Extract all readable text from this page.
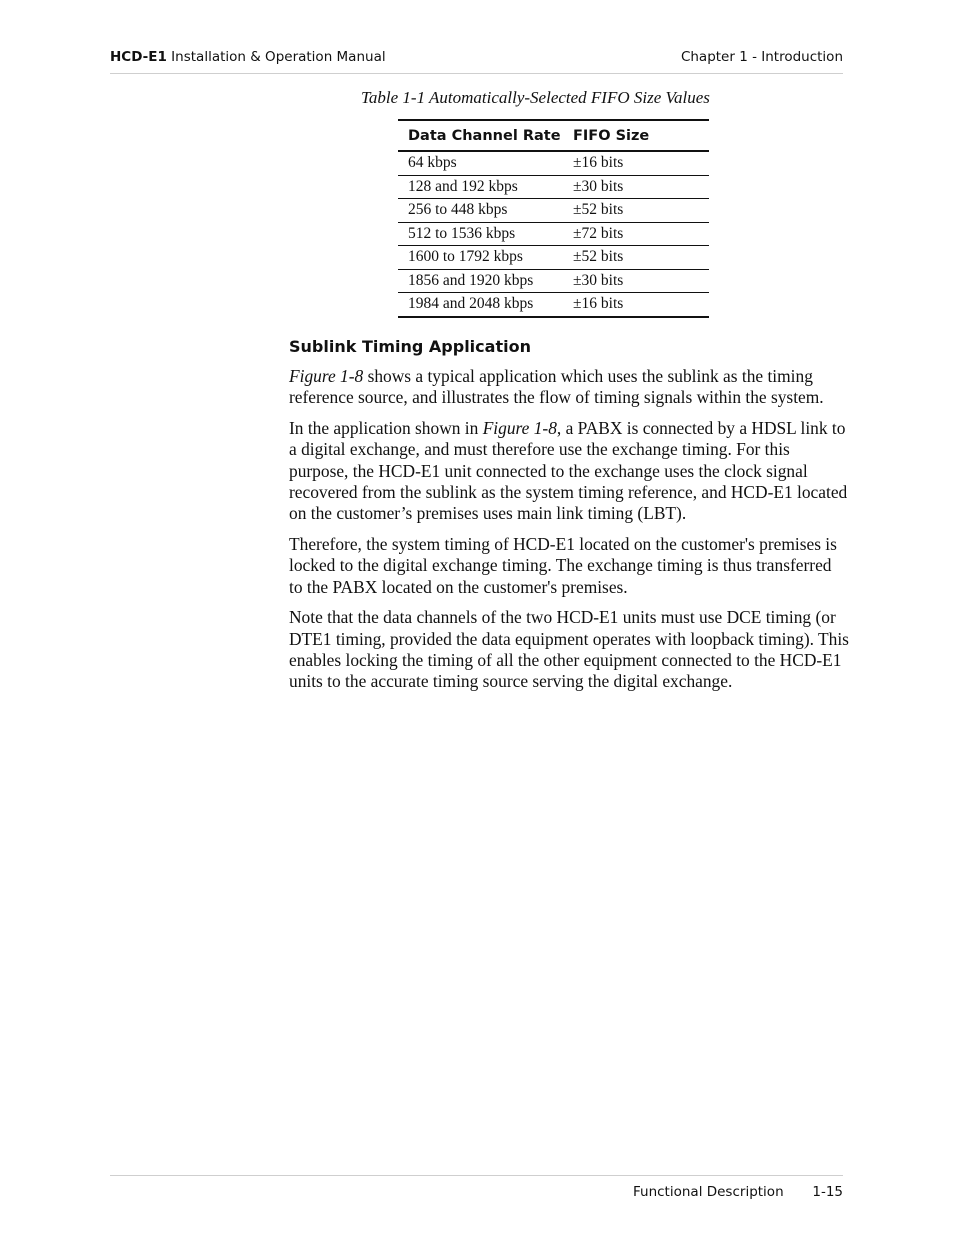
HCD-E1 Installation & Operation Manual	Chapter 1 - Introduction
Table 1-1 Automatically-Selected FIFO Size Values
Data Channel Rate	FIFO Size
64 kbps	±16 bits
128 and 192 kbps	±30 bits
256 to 448 kbps	±52 bits
512 to 1536 kbps	±72 bits
1600 to 1792 kbps	±52 bits
1856 and 1920 kbps	±30 bits
1984 and 2048 kbps	±16 bits
Sublink Timing Application

Figure 1-8 shows a typical application which uses the sublink as the timing reference source, and illustrates the flow of timing signals within the system.

In the application shown in Figure 1-8, a PABX is connected by a HDSL link to a digital exchange, and must therefore use the exchange timing. For this purpose, the HCD-E1 unit connected to the exchange uses the clock signal recovered from the sublink as the system timing reference, and HCD-E1 located on the customer’s premises uses main link timing (LBT).

Therefore, the system timing of HCD-E1 located on the customer's premises is locked to the digital exchange timing. The exchange timing is thus transferred to the PABX located on the customer's premises.

Note that the data channels of the two HCD-E1 units must use DCE timing (or DTE1 timing, provided the data equipment operates with loopback timing). This enables locking the timing of all the other equipment connected to the HCD-E1 units to the accurate timing source serving the digital exchange.

Functional Description 1-15
